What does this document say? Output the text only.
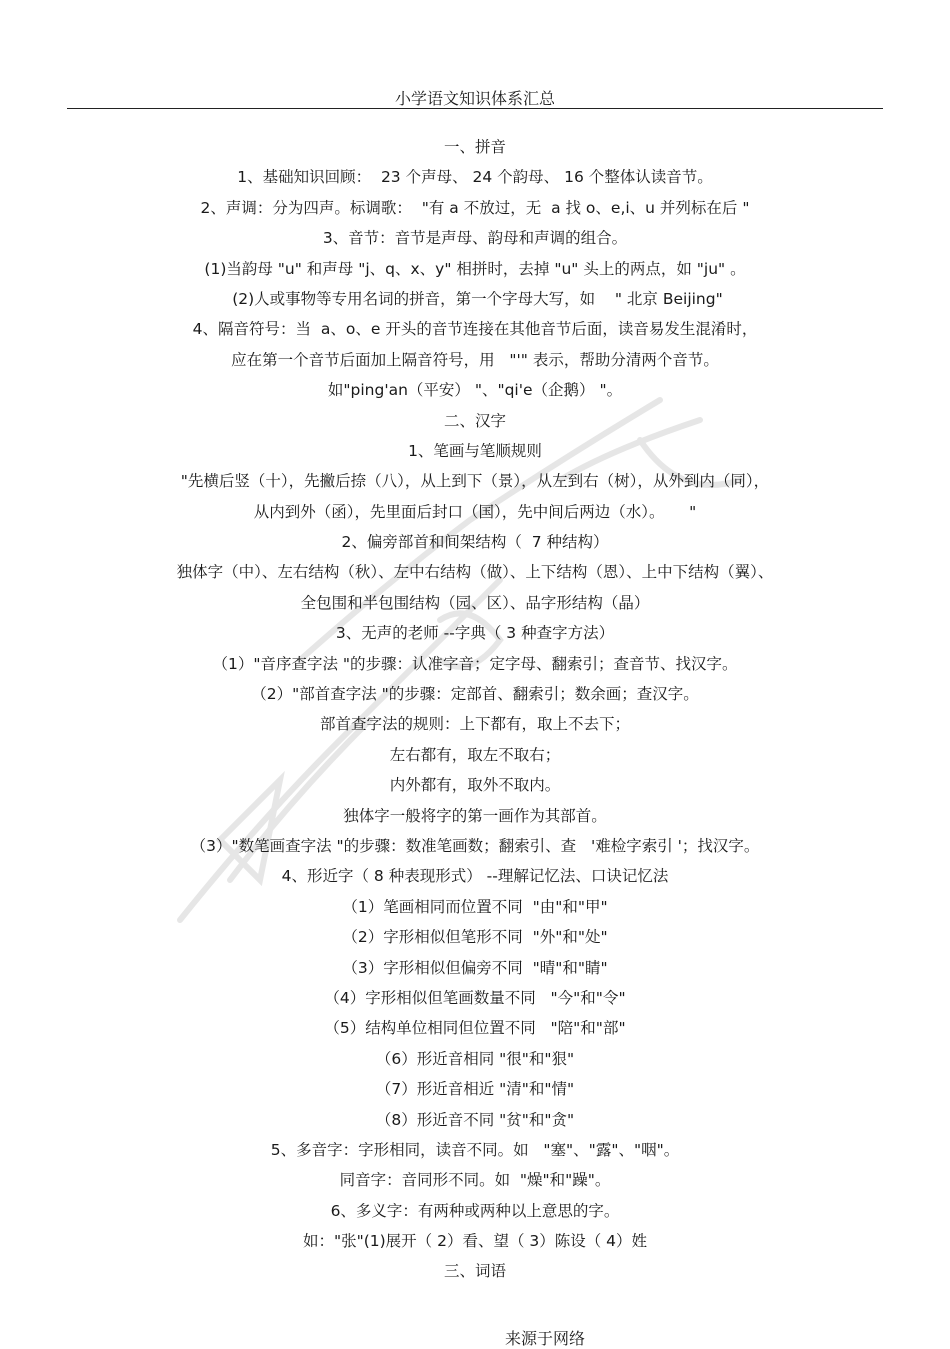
小学语文知识体系汇总
一、拼音
1、基础知识回顾：  23 个声母、 24 个韵母、 16 个整体认读音节。
2、声调：分为四声。标调歌：  "有 a 不放过，无  a 找 o、e,i、u 并列标在后 "
3、音节：音节是声母、韵母和声调的组合。
(1)当韵母 "u" 和声母 "j、q、x、y" 相拼时，去掉 "u" 头上的两点，如 "ju" 。
(2)人或事物等专用名词的拼音，第一个字母大写，如    " 北京 Beijing"
4、隔音符号：当  a、o、e 开头的音节连接在其他音节后面，读音易发生混淆时，
应在第一个音节后面加上隔音符号，用   "'" 表示，帮助分清两个音节。
如"ping'an（平安） "、"qi'e（企鹅） "。
二、汉字
1、笔画与笔顺规则
"先横后竖（十），先撇后捺（八），从上到下（景），从左到右（树），从外到内（同），
从内到外（函），先里面后封口（国），先中间后两边（水）。     "
2、偏旁部首和间架结构（  7 种结构）
独体字（中）、左右结构（秋）、左中右结构（做）、上下结构（恩）、上中下结构（翼）、
全包围和半包围结构（园、区）、品字形结构（晶）
3、无声的老师 --字典（ 3 种查字方法）
（1）"音序查字法 "的步骤：认准字音；定字母、翻索引；查音节、找汉字。
（2）"部首查字法 "的步骤：定部首、翻索引；数余画；查汉字。
部首查字法的规则：上下都有，取上不去下；
左右都有，取左不取右；
内外都有，取外不取内。
独体字一般将字的第一画作为其部首。
（3）"数笔画查字法 "的步骤：数准笔画数；翻索引、查   '难检字索引 '；找汉字。
4、形近字（ 8 种表现形式） --理解记忆法、口诀记忆法
（1）笔画相同而位置不同  "由"和"甲"
（2）字形相似但笔形不同  "外"和"处"
（3）字形相似但偏旁不同  "晴"和"睛"
（4）字形相似但笔画数量不同   "今"和"令"
（5）结构单位相同但位置不同   "陪"和"部"
（6）形近音相同 "很"和"狠"
（7）形近音相近 "清"和"情"
（8）形近音不同 "贫"和"贪"
5、多音字：字形相同，读音不同。如   "塞"、"露"、"咽"。
同音字：音同形不同。如  "燥"和"躁"。
6、多义字：有两种或两种以上意思的字。
如："张"(1)展开（ 2）看、望（ 3）陈设（ 4）姓
三、词语
来源于网络
